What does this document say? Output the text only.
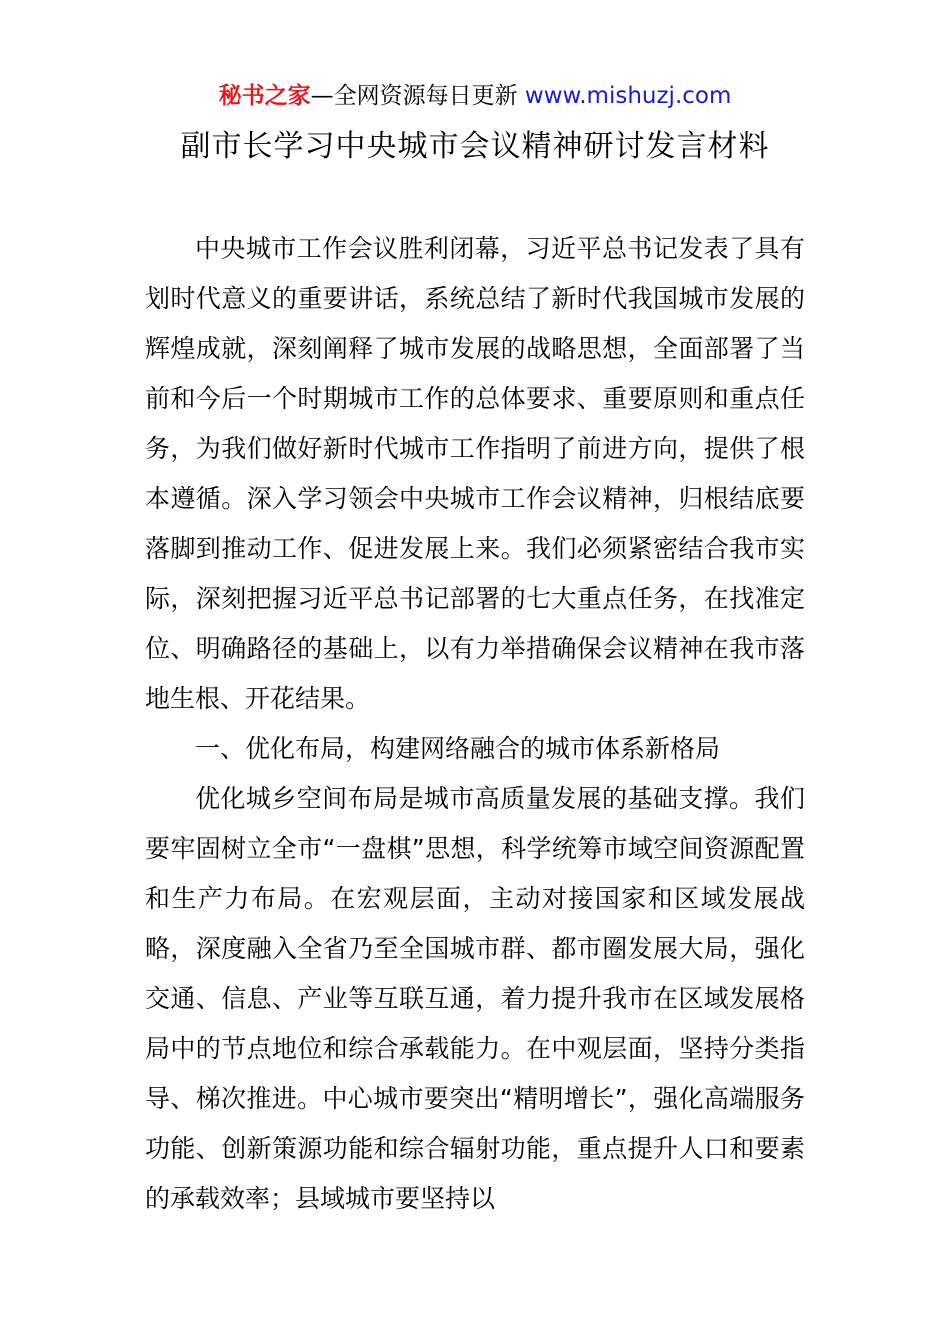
秘书之家—全网资源每日更新 www.mishuzj.com
副市长学习中央城市会议精神研讨发言材料

中央城市工作会议胜利闭幕，习近平总书记发表了具有划时代意义的重要讲话，系统总结了新时代我国城市发展的辉煌成就，深刻阐释了城市发展的战略思想，全面部署了当前和今后一个时期城市工作的总体要求、重要原则和重点任务，为我们做好新时代城市工作指明了前进方向，提供了根本遵循。深入学习领会中央城市工作会议精神，归根结底要落脚到推动工作、促进发展上来。我们必须紧密结合我市实际，深刻把握习近平总书记部署的七大重点任务，在找准定位、明确路径的基础上，以有力举措确保会议精神在我市落地生根、开花结果。

一、优化布局，构建网络融合的城市体系新格局

优化城乡空间布局是城市高质量发展的基础支撑。我们要牢固树立全市“一盘棋”思想，科学统筹市域空间资源配置和生产力布局。在宏观层面，主动对接国家和区域发展战略，深度融入全省乃至全国城市群、都市圈发展大局，强化交通、信息、产业等互联互通，着力提升我市在区域发展格局中的节点地位和综合承载能力。在中观层面，坚持分类指导、梯次推进。中心城市要突出“精明增长”，强化高端服务功能、创新策源功能和综合辐射功能，重点提升人口和要素的承载效率；县域城市要坚持以
